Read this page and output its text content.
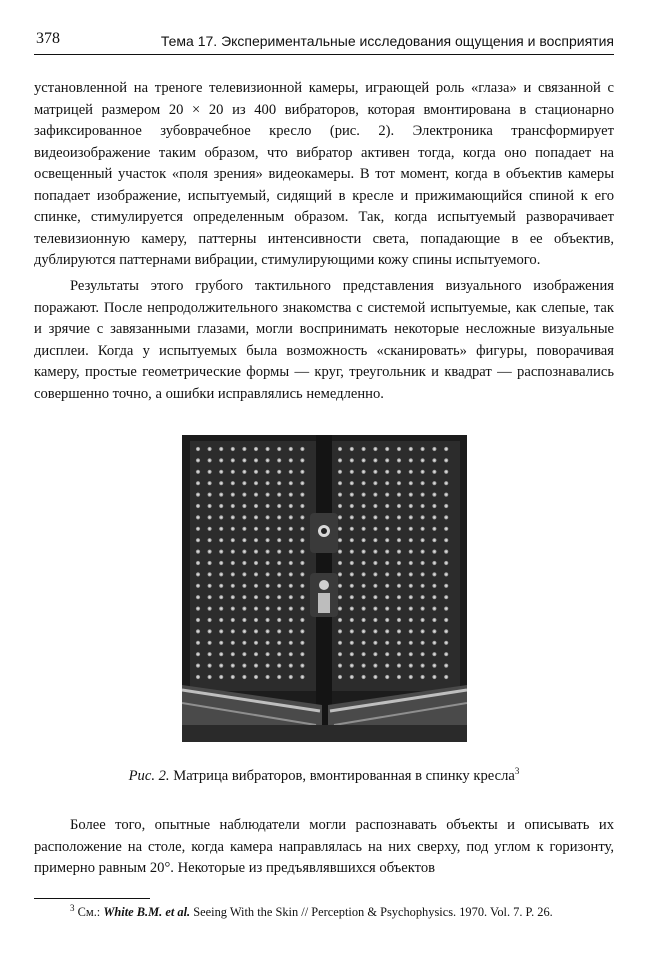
378	Тема 17. Экспериментальные исследования ощущения и восприятия

установленной на треноге телевизионной камеры, играющей роль «глаза» и связанной с матрицей размером 20 × 20 из 400 вибраторов, которая вмонтирована в стационарно зафиксированное зубоврачебное кресло (рис. 2). Электроника трансформирует видеоизображение таким образом, что вибратор активен тогда, когда оно попадает на освещенный участок «поля зрения» видеокамеры. В тот момент, когда в объектив камеры попадает изображение, испытуемый, сидящий в кресле и прижимающийся спиной к его спинке, стимулируется определенным образом. Так, когда испытуемый разворачивает телевизионную камеру, паттерны интенсивности света, попадающие в ее объектив, дублируются паттернами вибрации, стимулирующими кожу спины испытуемого.

Результаты этого грубого тактильного представления визуального изображения поражают. После непродолжительного знакомства с системой испытуемые, как слепые, так и зрячие с завязанными глазами, могли воспринимать некоторые несложные визуальные дисплеи. Когда у испытуемых была возможность «сканировать» фигуры, поворачивая камеру, простые геометрические формы — круг, треугольник и квадрат — распознавались совершенно точно, а ошибки исправлялись немедленно.

Рис. 2. Матрица вибраторов, вмонтированная в спинку кресла$^3$

Более того, опытные наблюдатели могли распознавать объекты и описывать их расположение на столе, когда камера направлялась на них сверху, под углом к горизонту, примерно равным 20°. Некоторые из предъявлявшихся объектов

$^3$ См.: White B.M. et al. Seeing With the Skin // Perception & Psychophysics. 1970. Vol. 7. P. 26.
